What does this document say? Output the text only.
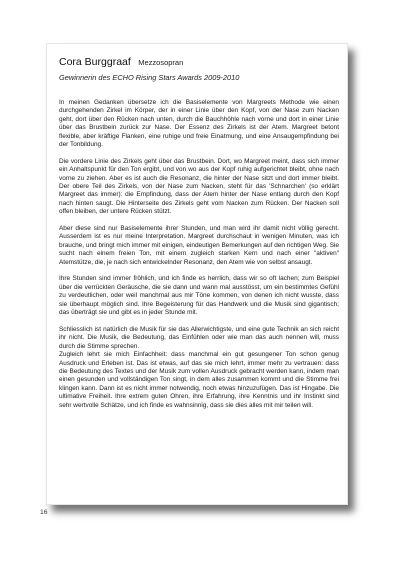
Cora Burggraaf Mezzosopran

Gewinnerin des ECHO Rising Stars Awards 2009-2010

In meinen Gedanken übersetze ich die Basiselemente von Margreets Methode wie einen durchgehenden Zirkel im Körper, der in einer Linie über den Kopf, von der Nase zum Nacken geht, dort über den Rücken nach unten, durch die Bauchhöhle nach vorne und dort in einer Linie über das Brustbein zurück zur Nase. Der Essenz des Zirkels ist der Atem. Margreet betont flexible, aber kräftige Flanken, eine ruhige und freie Einatmung, und eine Ansaugempfindung bei der Tonbildung.

Die vordere Linie des Zirkels geht über das Brustbein. Dort, wo Margreet meint, dass sich immer ein Anhaltspunkt für den Ton ergibt, und von wo aus der Kopf ruhig aufgerichtet bleibt, ohne nach vorne zu ziehen. Aber es ist auch die Resonanz, die hinter der Nase sitzt und dort immer bleibt. Der obere Teil des Zirkels, von der Nase zum Nacken, steht für das 'Schnarchen' (so erklärt Margreet das immer): die Empfindung, dass der Atem hinter der Nase entlang durch den Kopf nach hinten saugt. Die Hinterseite des Zirkels geht vom Nacken zum Rücken. Der Nacken soll offen bleiben, der untere Rücken stützt.

Aber diese sind nur Basiselemente ihrer Stunden, und man wird ihr damit nicht völlig gerecht. Ausserdem ist es nur meine Interpretation. Margreet durchschaut in wenigen Minuten, was ich brauche, und bringt mich immer mit einigen, eindeutigen Bemerkungen auf den richtigen Weg. Sie sucht nach einem freien Ton, mit einem zugleich starken Kern und nach einer "aktiven" Atemstütze, die, je nach sich entwickelnder Resonanz, den Atem wie von selbst ansaugt.

Ihre Stunden sind immer fröhlich, und ich finde es herrlich, dass wir so oft lachen; zum Beispiel über die verrückten Geräusche, die sie dann und wann mal ausstösst, um ein bestimmtes Gefühl zu verdeutlichen, oder weil manchmal aus mir Töne kommen, von denen ich nicht wusste, dass sie überhaupt möglich sind. Ihre Begeisterung für das Handwerk und die Musik sind gigantisch; das überträgt sie und gibt es in jeder Stunde mit.

Schliesslich ist natürlich die Musik für sie das Allerwichtigste, und eine gute Technik an sich reicht ihr nicht. Die Musik, die Bedeutung, das Einfühlen oder wie man das auch nennen will, muss durch die Stimme sprechen.

Zugleich lehrt sie mich Einfachheit: dass manchmal ein gut gesungener Ton schon genug Ausdruck und Erleben ist. Das ist etwas, auf das sie mich lehrt, immer mehr zu vertrauen: dass die Bedeutung des Textes und der Musik zum vollen Ausdruck gebracht werden kann, indem man einen gesunden und vollständigen Ton singt, in dem alles zusammen kommt und die Stimme frei klingen kann. Dann ist es nicht immer notwendig, noch etwas hinzuzufügen. Das ist Hingabe. Die ultimative Freiheit. Ihre extrem guten Ohren, ihre Erfahrung, ihre Kenntnis und ihr Instinkt sind sehr wertvolle Schätze, und ich finde es wahnsinnig, dass sie dies alles mit mir teilen will.

16
